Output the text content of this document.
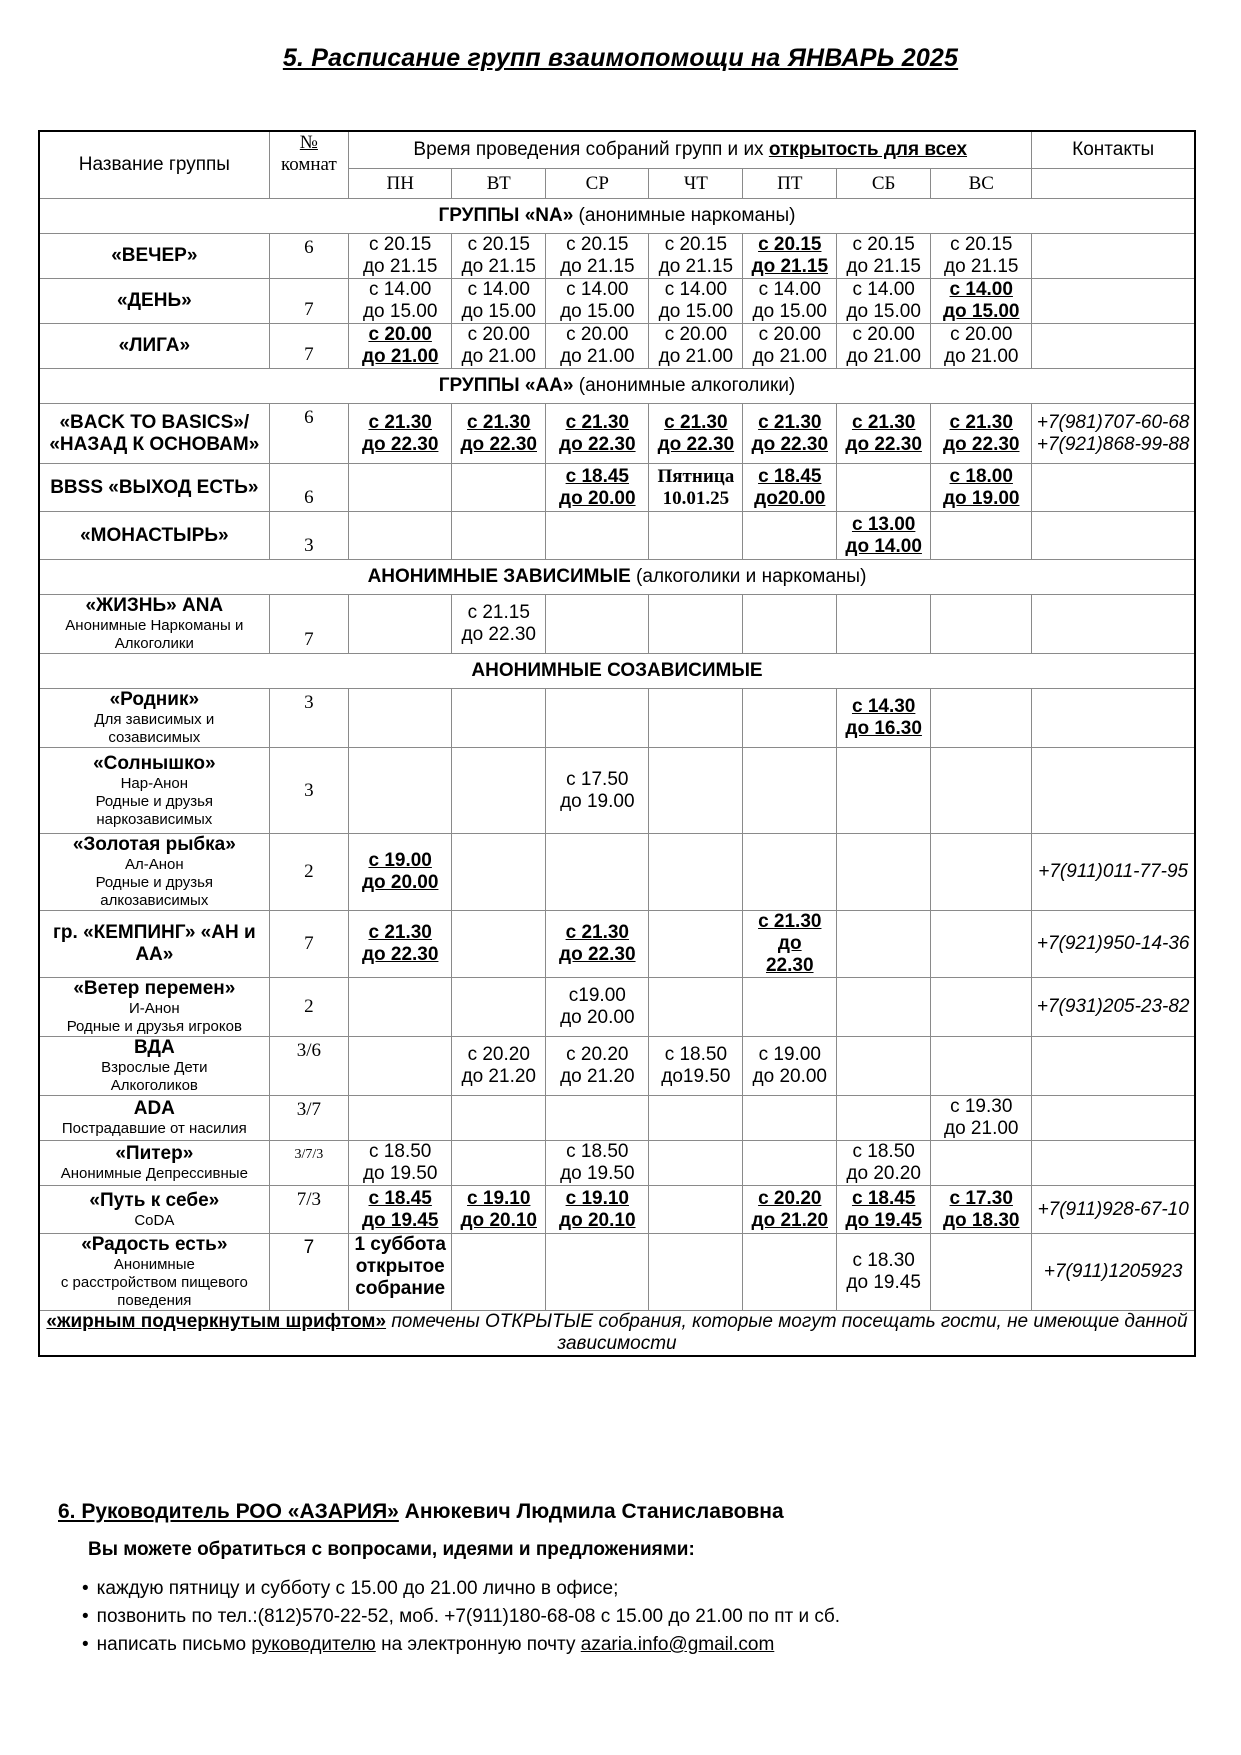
5. Расписание групп взаимопомощи на ЯНВАРЬ 2025
Название группы	№
комнат	Время проведения собраний групп и их открытость для всех							Контакты
		ПН	ВТ	СР	ЧТ	ПТ	СБ	ВС	
ГРУППЫ «NA» (анонимные наркоманы)									

«ВЕЧЕР»	6	с 20.15
до 21.15	с 20.15
до 21.15	с 20.15
до 21.15	с 20.15
до 21.15	с 20.15
до 21.15	с 20.15
до 21.15	с 20.15
до 21.15	

«ДЕНЬ»	7	с 14.00
до 15.00	с 14.00
до 15.00	с 14.00
до 15.00	с 14.00
до 15.00	с 14.00
до 15.00	с 14.00
до 15.00	с 14.00
до 15.00	

«ЛИГА»	7	с 20.00
до 21.00	с 20.00
до 21.00	с 20.00
до 21.00	с 20.00
до 21.00	с 20.00
до 21.00	с 20.00
до 21.00	с 20.00
до 21.00	

ГРУППЫ «АА» (анонимные алкоголики)									

«BACK TO BASICS»/ «НАЗАД К ОСНОВАМ»	6	с 21.30
до 22.30	с 21.30
до 22.30	с 21.30
до 22.30	с 21.30
до 22.30	с 21.30
до 22.30	с 21.30
до 22.30	с 21.30
до 22.30	+7(981)707-60-68
+7(921)868-99-88

BBSS «ВЫХОД ЕСТЬ»	6			с 18.45
до 20.00	Пятница
10.01.25	с 18.45
до20.00		с 18.00
до 19.00	

«МОНАСТЫРЬ»	3						с 13.00
до 14.00		

АНОНИМНЫЕ ЗАВИСИМЫЕ (алкоголики и наркоманы)									

«ЖИЗНЬ» ANA
Анонимные Наркоманы и
Алкоголики	7		с 21.15
до 22.30						

АНОНИМНЫЕ СОЗАВИСИМЫЕ									

«Родник»
Для зависимых и
созависимых	3						с 14.30
до 16.30		

«Солнышко»
Нар-Анон
Родные и друзья
наркозависимых	3			с 17.50
до 19.00					

«Золотая рыбка»
Ал-Анон
Родные и друзья
алкозависимых	2	с 19.00
до 20.00							+7(911)011-77-95

гр. «КЕМПИНГ» «АН и АА»	7	с 21.30
до 22.30		с 21.30
до 22.30		с 21.30
до
22.30			+7(921)950-14-36

«Ветер перемен»
И-Анон
Родные и друзья игроков	2			с19.00
до 20.00					+7(931)205-23-82

ВДА
Взрослые Дети
Алкоголиков	3/6		с 20.20
до 21.20	с 20.20
до 21.20	с 18.50
до19.50	с 19.00
до 20.00			

ADA
Пострадавшие от насилия	3/7							с 19.30
до 21.00	

«Питер»
Анонимные Депрессивные	3/7/3	с 18.50
до 19.50		с 18.50
до 19.50			с 18.50
до 20.20		

«Путь к себе»
CoDA	7/3	с 18.45
до 19.45	с 19.10
до 20.10	с 19.10
до 20.10		с 20.20
до 21.20	с 18.45
до 19.45	с 17.30
до 18.30	+7(911)928-67-10

«Радость есть»
Анонимные
с расстройством пищевого
поведения	7	1 суббота
открытое
собрание					с 18.30
до 19.45		+7(911)1205923

«жирным подчеркнутым шрифтом» помечены ОТКРЫТЫЕ собрания, которые могут посещать гости, не имеющие данной зависимости									
6. Руководитель РОО «АЗАРИЯ» Анюкевич Людмила Станиславовна
Вы можете обратиться с вопросами, идеями и предложениями:
• каждую пятницу и субботу с 15.00 до 21.00 лично в офисе;
• позвонить по тел.:(812)570-22-52, моб. +7(911)180-68-08 с 15.00 до 21.00 по пт и сб.
• написать письмо руководителю на электронную почту azaria.info@gmail.com
